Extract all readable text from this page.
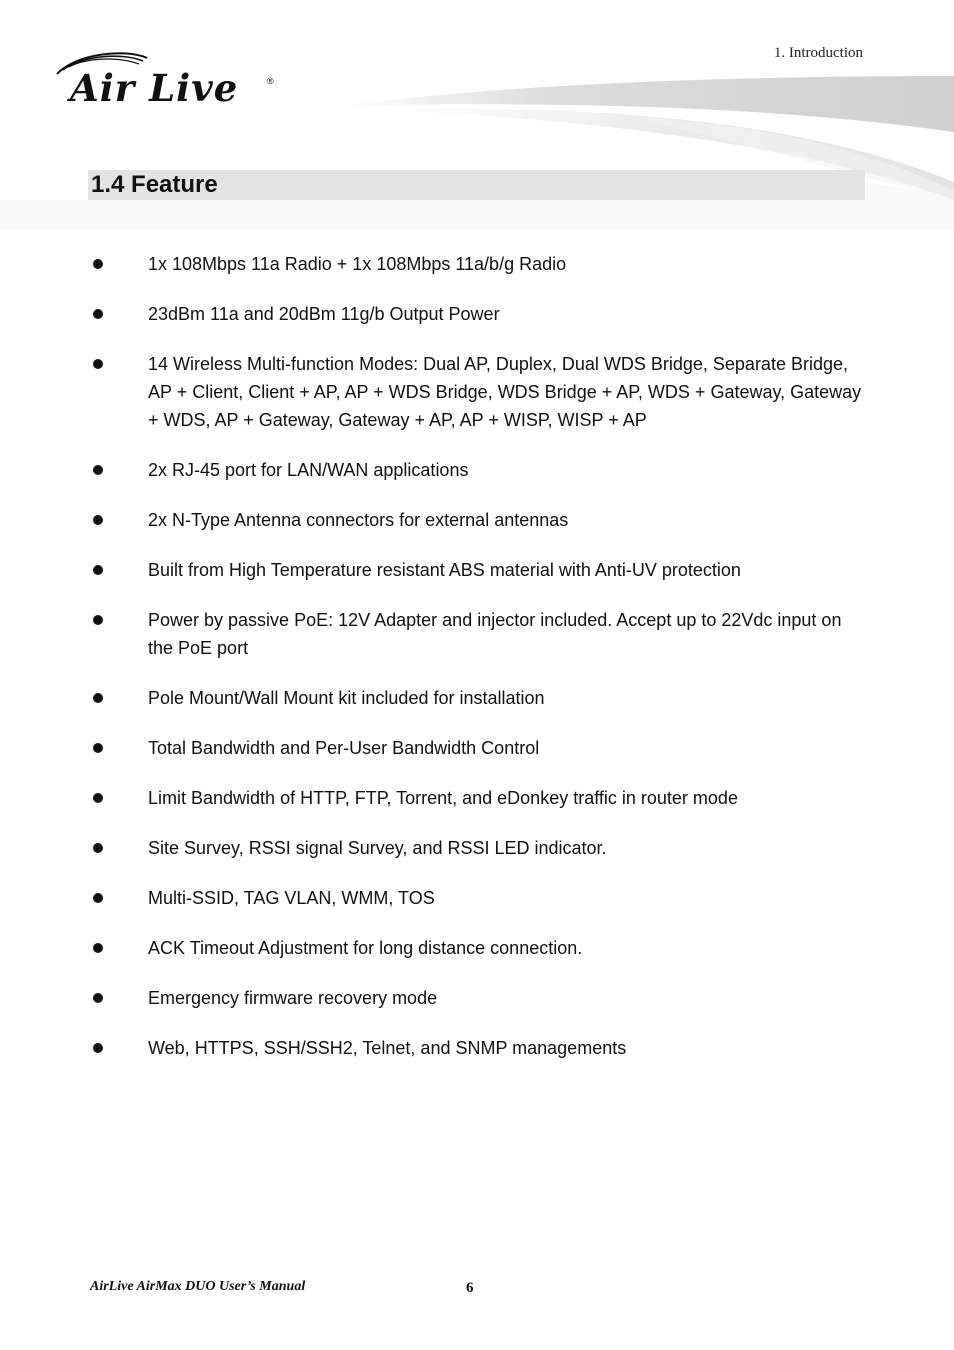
Air Live	®
1. Introduction
1.4 Feature
1x 108Mbps 11a Radio + 1x 108Mbps 11a/b/g Radio
23dBm 11a and 20dBm 11g/b Output Power
14 Wireless Multi-function Modes: Dual AP, Duplex, Dual WDS Bridge, Separate Bridge, AP + Client, Client + AP, AP + WDS Bridge, WDS Bridge + AP, WDS + Gateway, Gateway + WDS, AP + Gateway, Gateway + AP, AP + WISP, WISP + AP
2x RJ-45 port for LAN/WAN applications
2x N-Type Antenna connectors for external antennas
Built from High Temperature resistant ABS material with Anti-UV protection
Power by passive PoE: 12V Adapter and injector included. Accept up to 22Vdc input on the PoE port
Pole Mount/Wall Mount kit included for installation
Total Bandwidth and Per-User Bandwidth Control
Limit Bandwidth of HTTP, FTP, Torrent, and eDonkey traffic in router mode
Site Survey, RSSI signal Survey, and RSSI LED indicator.
Multi-SSID, TAG VLAN, WMM, TOS
ACK Timeout Adjustment for long distance connection.
Emergency firmware recovery mode
Web, HTTPS, SSH/SSH2, Telnet, and SNMP managements
AirLive AirMax DUO User’s Manual	6
